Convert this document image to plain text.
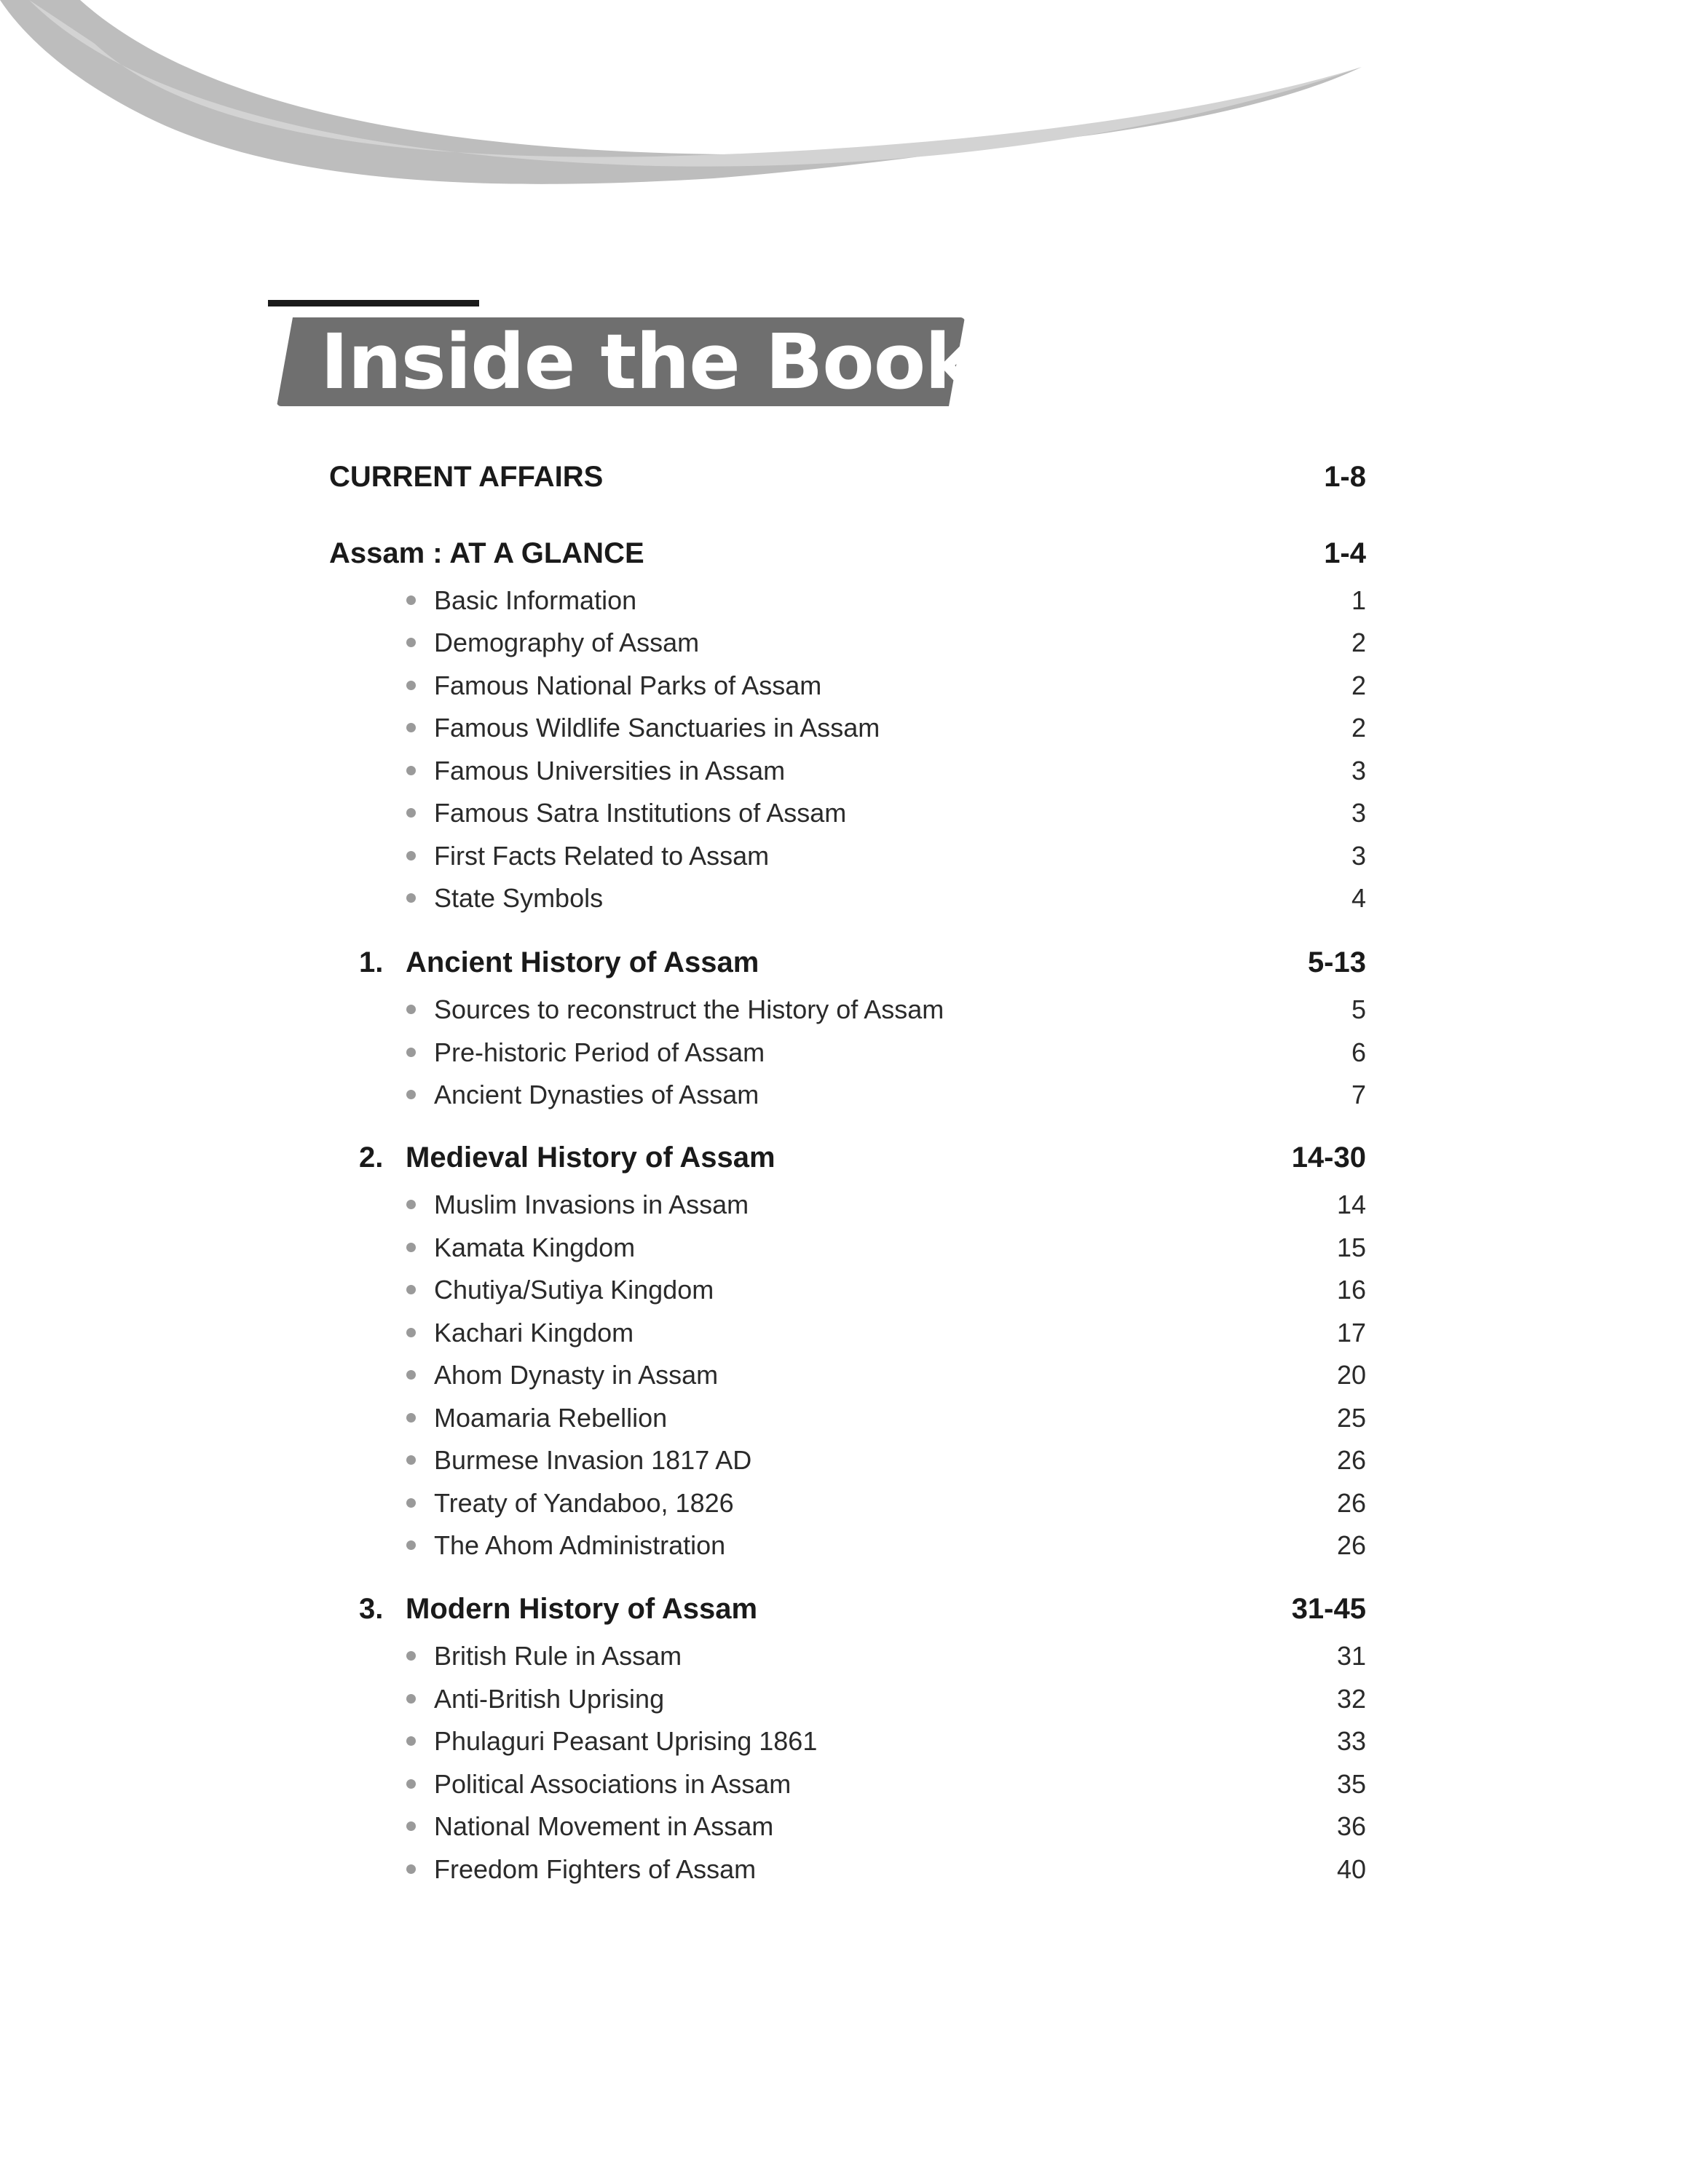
Inside the Book
CURRENT AFFAIRS	1-8
Assam : AT A GLANCE	1-4
Basic Information	1
Demography of Assam	2
Famous National Parks of Assam	2
Famous Wildlife Sanctuaries in Assam	2
Famous Universities in Assam	3
Famous Satra Institutions of Assam	3
First Facts Related to Assam	3
State Symbols	4
1. Ancient History of Assam	5-13
Sources to reconstruct the History of Assam	5
Pre-historic Period of Assam	6
Ancient Dynasties of Assam	7
2. Medieval History of Assam	14-30
Muslim Invasions in Assam	14
Kamata Kingdom	15
Chutiya/Sutiya Kingdom	16
Kachari Kingdom	17
Ahom Dynasty in Assam	20
Moamaria Rebellion	25
Burmese Invasion 1817 AD	26
Treaty of Yandaboo, 1826	26
The Ahom Administration	26
3. Modern History of Assam	31-45
British Rule in Assam	31
Anti-British Uprising	32
Phulaguri Peasant Uprising 1861	33
Political Associations in Assam	35
National Movement in Assam	36
Freedom Fighters of Assam	40
